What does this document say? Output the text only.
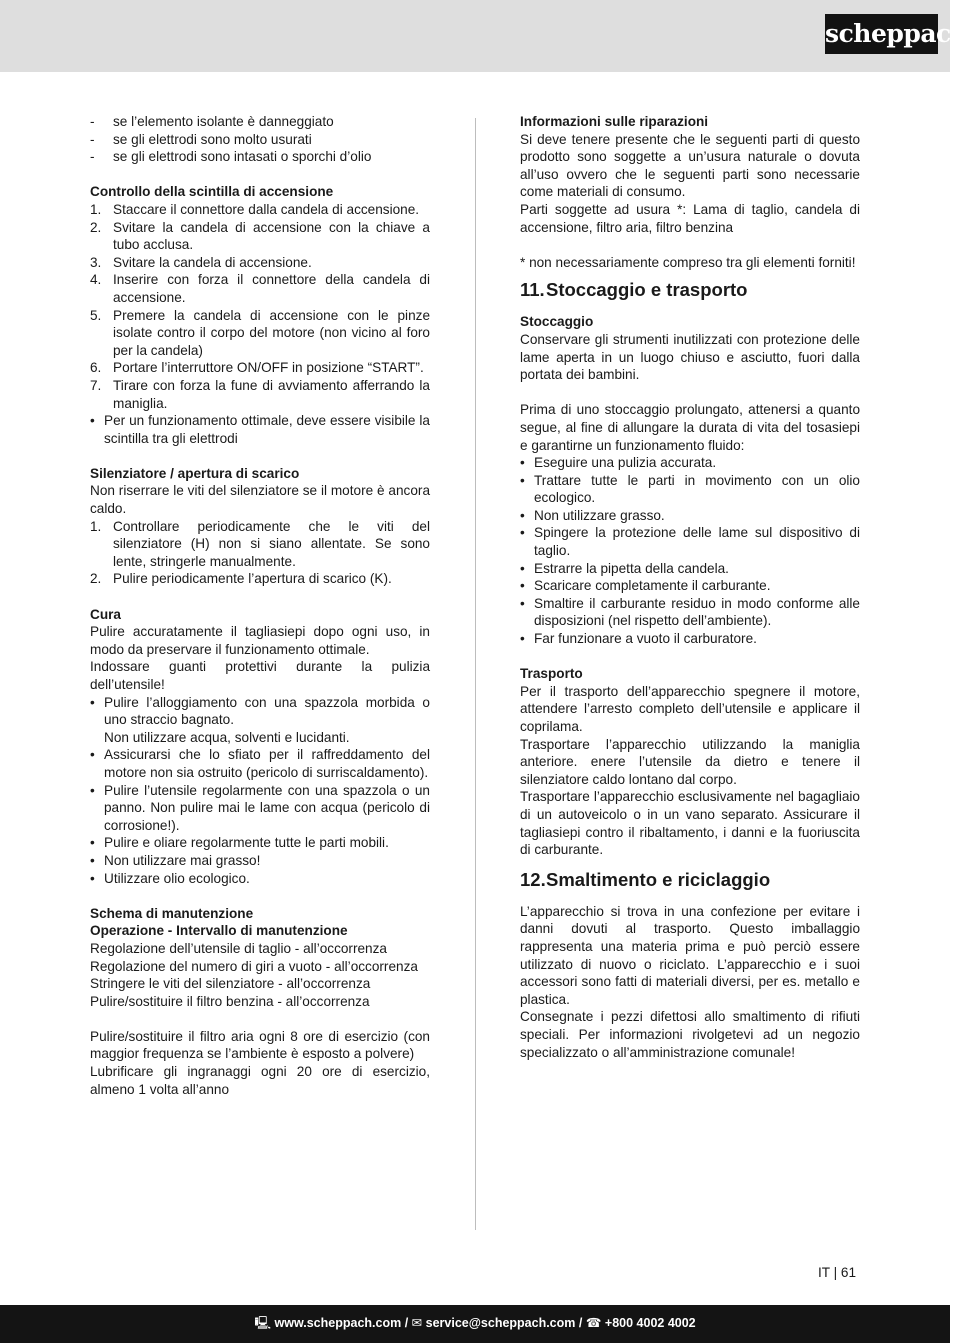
scheppach
- se l’elemento isolante è danneggiato
- se gli elettrodi sono molto usurati
- se gli elettrodi sono intasati o sporchi d’olio

Controllo della scintilla di accensione

1. Staccare il connettore dalla candela di accensione.
2. Svitare la candela di accensione con la chiave a tubo acclusa.
3. Svitare la candela di accensione.
4. Inserire con forza il connettore della candela di accensione.
5. Premere la candela di accensione con le pinze isolate contro il corpo del motore (non vicino al foro per la candela)
6. Portare l’interruttore ON/OFF in posizione “START”.
7. Tirare con forza la fune di avviamento afferrando la maniglia.
• Per un funzionamento ottimale, deve essere visibile la scintilla tra gli elettrodi

Silenziatore / apertura di scarico

Non riserrare le viti del silenziatore se il motore è ancora caldo.

1. Controllare periodicamente che le viti del silenziatore (H) non si siano allentate. Se sono lente, stringerle manualmente.
2. Pulire periodicamente l’apertura di scarico (K).

Cura

Pulire accuratamente il tagliasiepi dopo ogni uso, in modo da preservare il funzionamento ottimale.

Indossare guanti protettivi durante la pulizia dell’utensile!

• Pulire l’alloggiamento con una spazzola morbida o uno straccio bagnato.
Non utilizzare acqua, solventi e lucidanti.
• Assicurarsi che lo sfiato per il raffreddamento del motore non sia ostruito (pericolo di surriscaldamento).
• Pulire l’utensile regolarmente con una spazzola o un panno. Non pulire mai le lame con acqua (pericolo di corrosione!).
• Pulire e oliare regolarmente tutte le parti mobili.
• Non utilizzare mai grasso!
• Utilizzare olio ecologico.

Schema di manutenzione

Operazione - Intervallo di manutenzione

Regolazione dell’utensile di taglio - all’occorrenza

Regolazione del numero di giri a vuoto - all’occorrenza

Stringere le viti del silenziatore - all’occorrenza

Pulire/sostituire il filtro benzina - all’occorrenza

Pulire/sostituire il filtro aria ogni 8 ore di esercizio (con maggior frequenza se l’ambiente è esposto a polvere)

Lubrificare gli ingranaggi ogni 20 ore di esercizio, almeno 1 volta all’anno

Informazioni sulle riparazioni

Si deve tenere presente che le seguenti parti di questo prodotto sono soggette a un’usura naturale o dovuta all’uso ovvero che le seguenti parti sono necessarie come materiali di consumo.

Parti soggette ad usura *: Lama di taglio, candela di accensione, filtro aria, filtro benzina

* non necessariamente compreso tra gli elementi forniti!

11.Stoccaggio e trasporto

Stoccaggio

Conservare gli strumenti inutilizzati con protezione delle lame aperta in un luogo chiuso e asciutto, fuori dalla portata dei bambini.

Prima di uno stoccaggio prolungato, attenersi a quanto segue, al fine di allungare la durata di vita del tosasiepi e garantirne un funzionamento fluido:

• Eseguire una pulizia accurata.
• Trattare tutte le parti in movimento con un olio ecologico.
• Non utilizzare grasso.
• Spingere la protezione delle lame sul dispositivo di taglio.
• Estrarre la pipetta della candela.
• Scaricare completamente il carburante.
• Smaltire il carburante residuo in modo conforme alle disposizioni (nel rispetto dell’ambiente).
• Far funzionare a vuoto il carburatore.

Trasporto

Per il trasporto dell’apparecchio spegnere il motore, attendere l’arresto completo dell’utensile e applicare il coprilama.

Trasportare l’apparecchio utilizzando la maniglia anteriore. enere l’utensile da dietro e tenere il silenziatore caldo lontano dal corpo.

Trasportare l’apparecchio esclusivamente nel bagagliaio di un autoveicolo o in un vano separato. Assicurare il tagliasiepi contro il ribaltamento, i danni e la fuoriuscita di carburante.

12.Smaltimento e riciclaggio

L’apparecchio si trova in una confezione per evitare i danni dovuti al trasporto. Questo imballaggio rappresenta una materia prima e può perciò essere utilizzato di nuovo o riciclato. L’apparecchio e i suoi accessori sono fatti di materiali diversi, per es. metallo e plastica.

Consegnate i pezzi difettosi allo smaltimento di rifiuti speciali. Per informazioni rivolgetevi ad un negozio specializzato o all’amministrazione comunale!

IT | 61
🖳 www.scheppach.com / ✉ service@scheppach.com / ☎ +800 4002 4002
